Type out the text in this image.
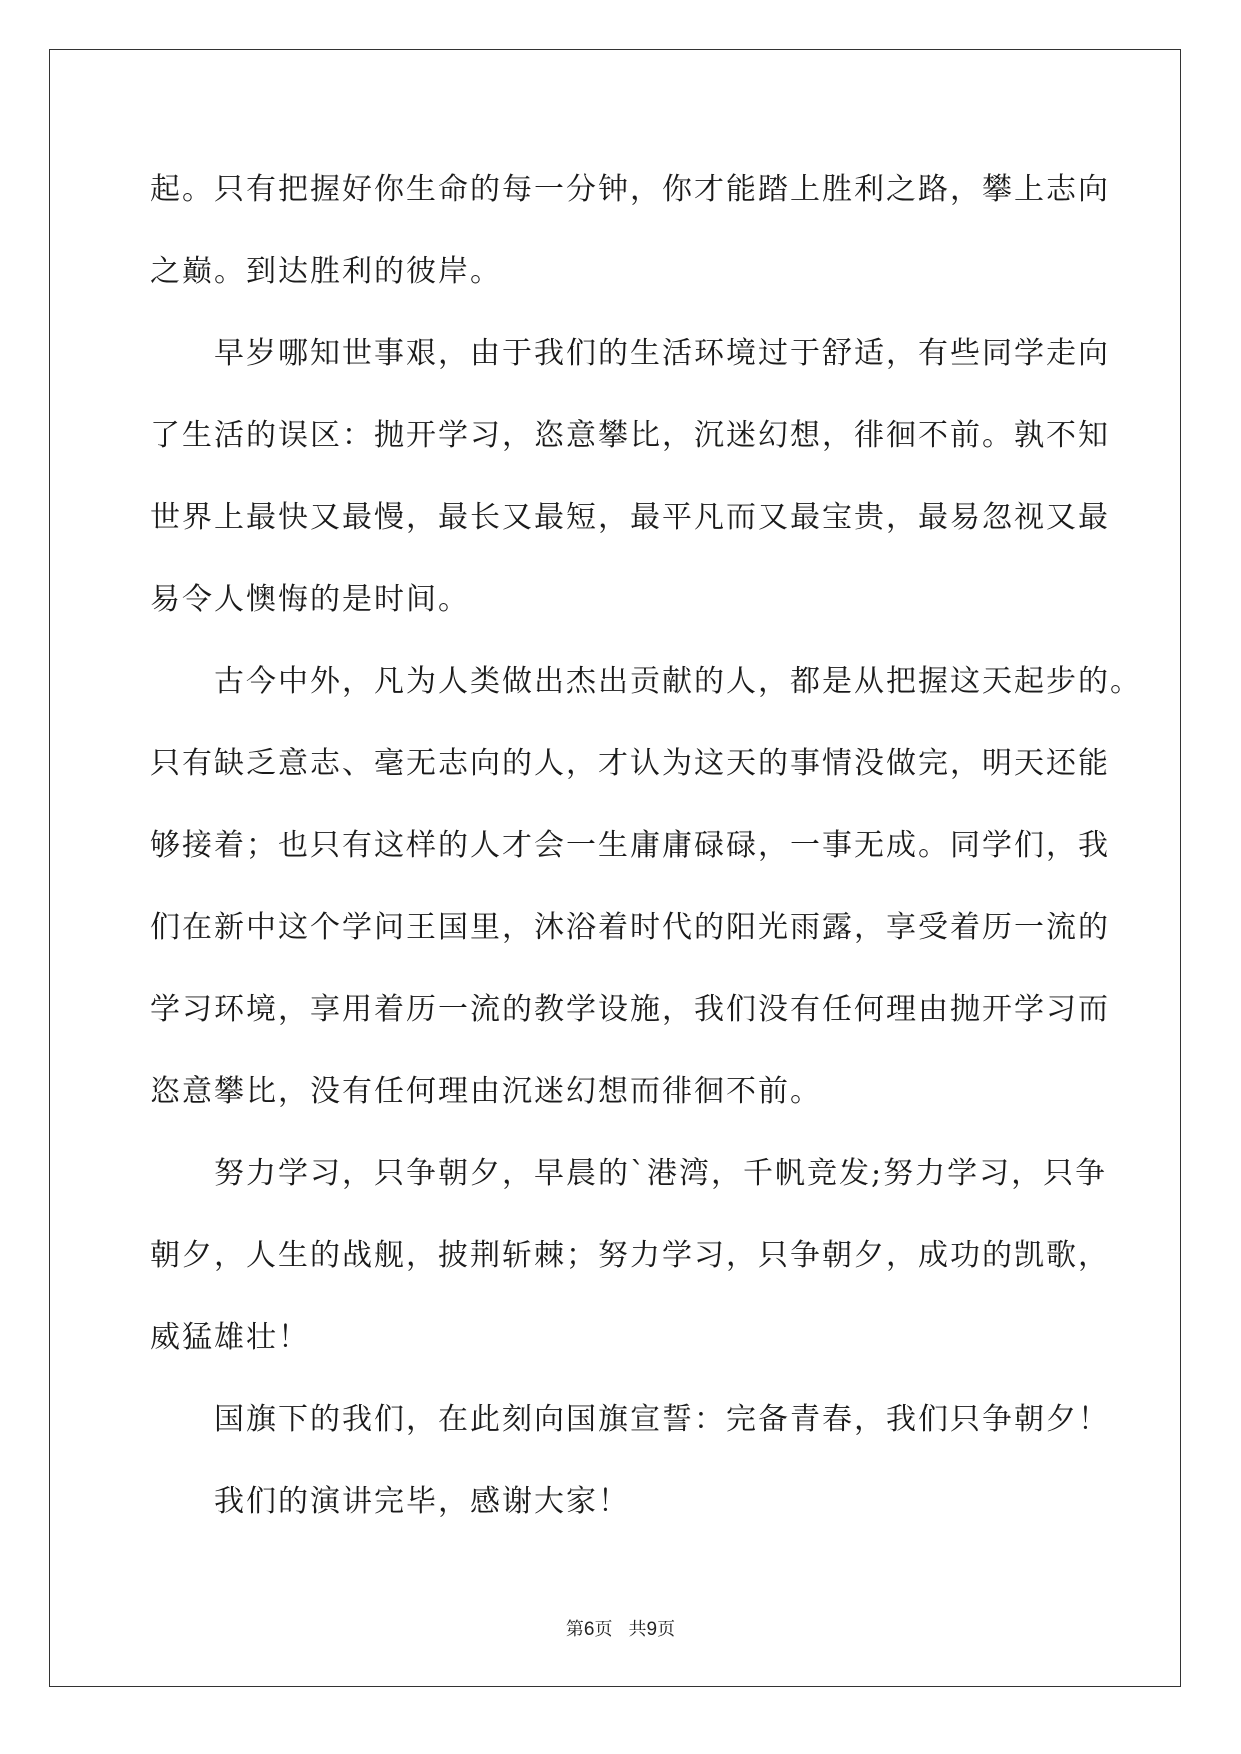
起。只有把握好你生命的每一分钟，你才能踏上胜利之路，攀上志向
之巅。到达胜利的彼岸。
早岁哪知世事艰，由于我们的生活环境过于舒适，有些同学走向
了生活的误区：抛开学习，恣意攀比，沉迷幻想，徘徊不前。孰不知
世界上最快又最慢，最长又最短，最平凡而又最宝贵，最易忽视又最
易令人懊悔的是时间。
古今中外，凡为人类做出杰出贡献的人，都是从把握这天起步的。
只有缺乏意志、毫无志向的人，才认为这天的事情没做完，明天还能
够接着；也只有这样的人才会一生庸庸碌碌，一事无成。同学们，我
们在新中这个学问王国里，沐浴着时代的阳光雨露，享受着历一流的
学习环境，享用着历一流的教学设施，我们没有任何理由抛开学习而
恣意攀比，没有任何理由沉迷幻想而徘徊不前。
努力学习，只争朝夕，早晨的`港湾，千帆竞发;努力学习，只争
朝夕，人生的战舰，披荆斩棘；努力学习，只争朝夕，成功的凯歌，
威猛雄壮！
国旗下的我们，在此刻向国旗宣誓：完备青春，我们只争朝夕！
我们的演讲完毕，感谢大家！
第6页 共9页
